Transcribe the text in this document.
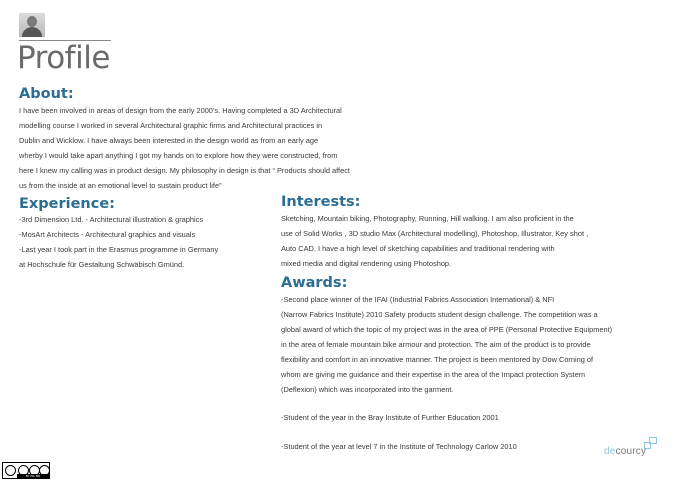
Profile
About:
I have been involved in areas of design from the early 2000’s. Having completed a 3D Architectural
modelling course I worked in several Architectural graphic firms and Architectural practices in
Dublin and Wicklow. I have always been interested in the design world as from an early age
wherby I would take apart anything I got my hands on to explore how they were constructed, from
here I knew my calling was in product design. My philosophy in design is that “ Products should affect
us from the inside at an emotional level to sustain product life”
Experience:
-3rd Dimension Ltd. - Architectural illustration & graphics
-MosArt Architects - Architectural graphics and visuals
-Last year I took part in the Erasmus programme in Germany
at Hochschule für Gestaltung Schwäbisch Gmünd.
Interests:
Sketching, Mountain biking, Photography, Running, Hill walking. I am also proficient in the
use of Solid Works , 3D studio Max (Architectural modelling), Photoshop, Illustrator, Key shot ,
Auto CAD. I have a high level of sketching capabilities and traditional rendering with
mixed media and digital rendering using Photoshop.
Awards:
-Second place winner of the IFAI (Industrial Fabrics Association International) & NFI
(Narrow Fabrics Institute) 2010 Safety products student design challenge. The competition was a
global award of which the topic of my project was in the area of PPE (Personal Protective Equipment)
in the area of female mountain bike armour and protection. The aim of the product is to provide
flexibility and comfort in an innovative manner. The project is been mentored by Dow Corning of
whom are giving me guidance and their expertise in the area of the Impact protection System
(Deflexion) which was incorporated into the garment.
-Student of the year in the Bray Institute of Further Education 2001
-Student of the year at level 7 in the Institute of Technology Carlow 2010	decourcy
BY NC ND
